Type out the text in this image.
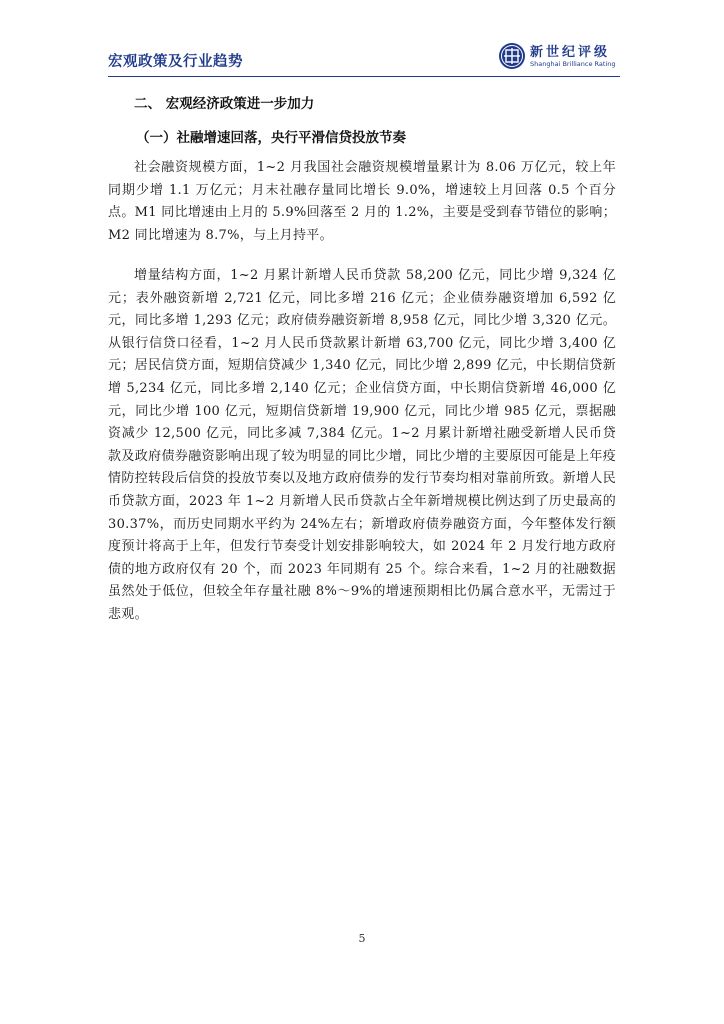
宏观政策及行业趋势
新世纪评级
Shanghai Brilliance Rating
二、 宏观经济政策进一步加力
（一）社融增速回落，央行平滑信贷投放节奏

社会融资规模方面，1~2 月我国社会融资规模增量累计为 8.06 万亿元，较上年同期少增 1.1 万亿元；月末社融存量同比增长 9.0%，增速较上月回落 0.5 个百分点。M1 同比增速由上月的 5.9%回落至 2 月的 1.2%，主要是受到春节错位的影响；M2 同比增速为 8.7%，与上月持平。

增量结构方面，1~2 月累计新增人民币贷款 58,200 亿元，同比少增 9,324 亿元；表外融资新增 2,721 亿元，同比多增 216 亿元；企业债券融资增加 6,592 亿元，同比多增 1,293 亿元；政府债券融资新增 8,958 亿元，同比少增 3,320 亿元。从银行信贷口径看，1~2 月人民币贷款累计新增 63,700 亿元，同比少增 3,400 亿元；居民信贷方面，短期信贷减少 1,340 亿元，同比少增 2,899 亿元，中长期信贷新增 5,234 亿元，同比多增 2,140 亿元；企业信贷方面，中长期信贷新增 46,000 亿元，同比少增 100 亿元，短期信贷新增 19,900 亿元，同比少增 985 亿元，票据融资减少 12,500 亿元，同比多减 7,384 亿元。1~2 月累计新增社融受新增人民币贷款及政府债券融资影响出现了较为明显的同比少增，同比少增的主要原因可能是上年疫情防控转段后信贷的投放节奏以及地方政府债券的发行节奏均相对靠前所致。新增人民币贷款方面，2023 年 1~2 月新增人民币贷款占全年新增规模比例达到了历史最高的 30.37%，而历史同期水平约为 24%左右；新增政府债券融资方面，今年整体发行额度预计将高于上年，但发行节奏受计划安排影响较大，如 2024 年 2 月发行地方政府债的地方政府仅有 20 个，而 2023 年同期有 25 个。综合来看，1~2 月的社融数据虽然处于低位，但较全年存量社融 8%～9%的增速预期相比仍属合意水平，无需过于悲观。

5
